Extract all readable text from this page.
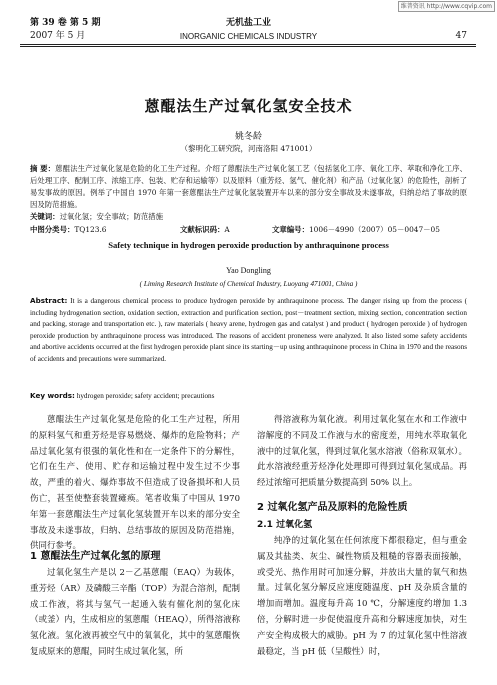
维普资讯 http://www.cqvip.com
第 39 卷 第 5 期
2007 年 5 月
无机盐工业
INORGANIC CHEMICALS INDUSTRY	47
蒽醌法生产过氧化氢安全技术
姚冬龄
（黎明化工研究院，河南洛阳 471001）
摘 要：蒽醌法生产过氧化氢是危险的化工生产过程。介绍了蒽醌法生产过氧化氢工艺（包括氢化工序、氧化工序、萃取和净化工序、后处理工序、配制工序、浓缩工序、包装、贮存和运输等）以及原料（重芳烃、氢气、催化剂）和产品（过氧化氢）的危险性，剖析了易发事故的原因。例举了中国自 1970 年第一套蒽醌法生产过氧化氢装置开车以来的部分安全事故及未遂事故，归纳总结了事故的原因及防范措施。
关键词：过氧化氢；安全事故；防范措施
中图分类号：TQ123.6	文献标识码：A	文章编号：1006－4990（2007）05－0047－05
Safety technique in hydrogen peroxide production by anthraquinone process
Yao Dongling
( Liming Research Institute of Chemical Industry, Luoyang 471001, China )
Abstract: It is a dangerous chemical process to produce hydrogen peroxide by anthraquinone process. The danger rising up from the process ( including hydrogenation section, oxidation section, extraction and purification section, post－treatment section, mixing section, concentration section and packing, storage and transportation etc. ), raw materials ( heavy arene, hydrogen gas and catalyst ) and product ( hydrogen peroxide ) of hydrogen peroxide production by anthraquinone process was introduced. The reasons of accident proneness were analyzed. It also listed some safety accidents and abortive accidents occurred at the first hydrogen peroxide plant since its starting－up using anthraquinone process in China in 1970 and the reasons of accidents and precautions were summarized.
Key words: hydrogen peroxide; safety accident; precautions
蒽醌法生产过氧化氢是危险的化工生产过程，所用的原料氢气和重芳烃是容易燃烧、爆炸的危险物料；产品过氧化氢有很强的氧化性和在一定条件下的分解性，它们在生产、使用、贮存和运输过程中发生过不少事故，严重的着火、爆炸事故不但造成了设备损坏和人员伤亡，甚至使整套装置瘫痪。笔者收集了中国从 1970 年第一套蒽醌法生产过氧化氢装置开车以来的部分安全事故及未遂事故，归纳、总结事故的原因及防范措施，供同行参考。
1 蒽醌法生产过氧化氢的原理
过氧化氢生产是以 2－乙基蒽醌（EAQ）为载体，重芳烃（AR）及磷酸三辛酯（TOP）为混合溶剂，配制成工作液，将其与氢气一起通入装有催化剂的氢化床（或釜）内，生成相应的氢蒽醌（HEAQ），所得溶液称氢化液。氢化液再被空气中的氧氧化，其中的氢蒽醌恢复成原来的蒽醌，同时生成过氧化氢，所
得溶液称为氧化液。利用过氧化氢在水和工作液中溶解度的不同及工作液与水的密度差，用纯水萃取氧化液中的过氧化氢，得到过氧化氢水溶液（俗称双氧水）。此水溶液经重芳烃净化处理即可得到过氧化氢成品。再经过浓缩可把质量分数提高到 50% 以上。
2 过氧化氢产品及原料的危险性质
2.1 过氧化氢
纯净的过氧化氢在任何浓度下都很稳定，但与重金属及其盐类、灰尘、碱性物质及粗糙的容器表面接触，或受光、热作用时可加速分解，并放出大量的氧气和热量。过氧化氢分解反应速度随温度、pH 及杂质含量的增加而增加。温度每升高 10 ℃，分解速度约增加 1.3 倍，分解时进一步促使温度升高和分解速度加快，对生产安全构成极大的威胁。pH 为 7 的过氧化氢中性溶液最稳定，当 pH 低（呈酸性）时，
